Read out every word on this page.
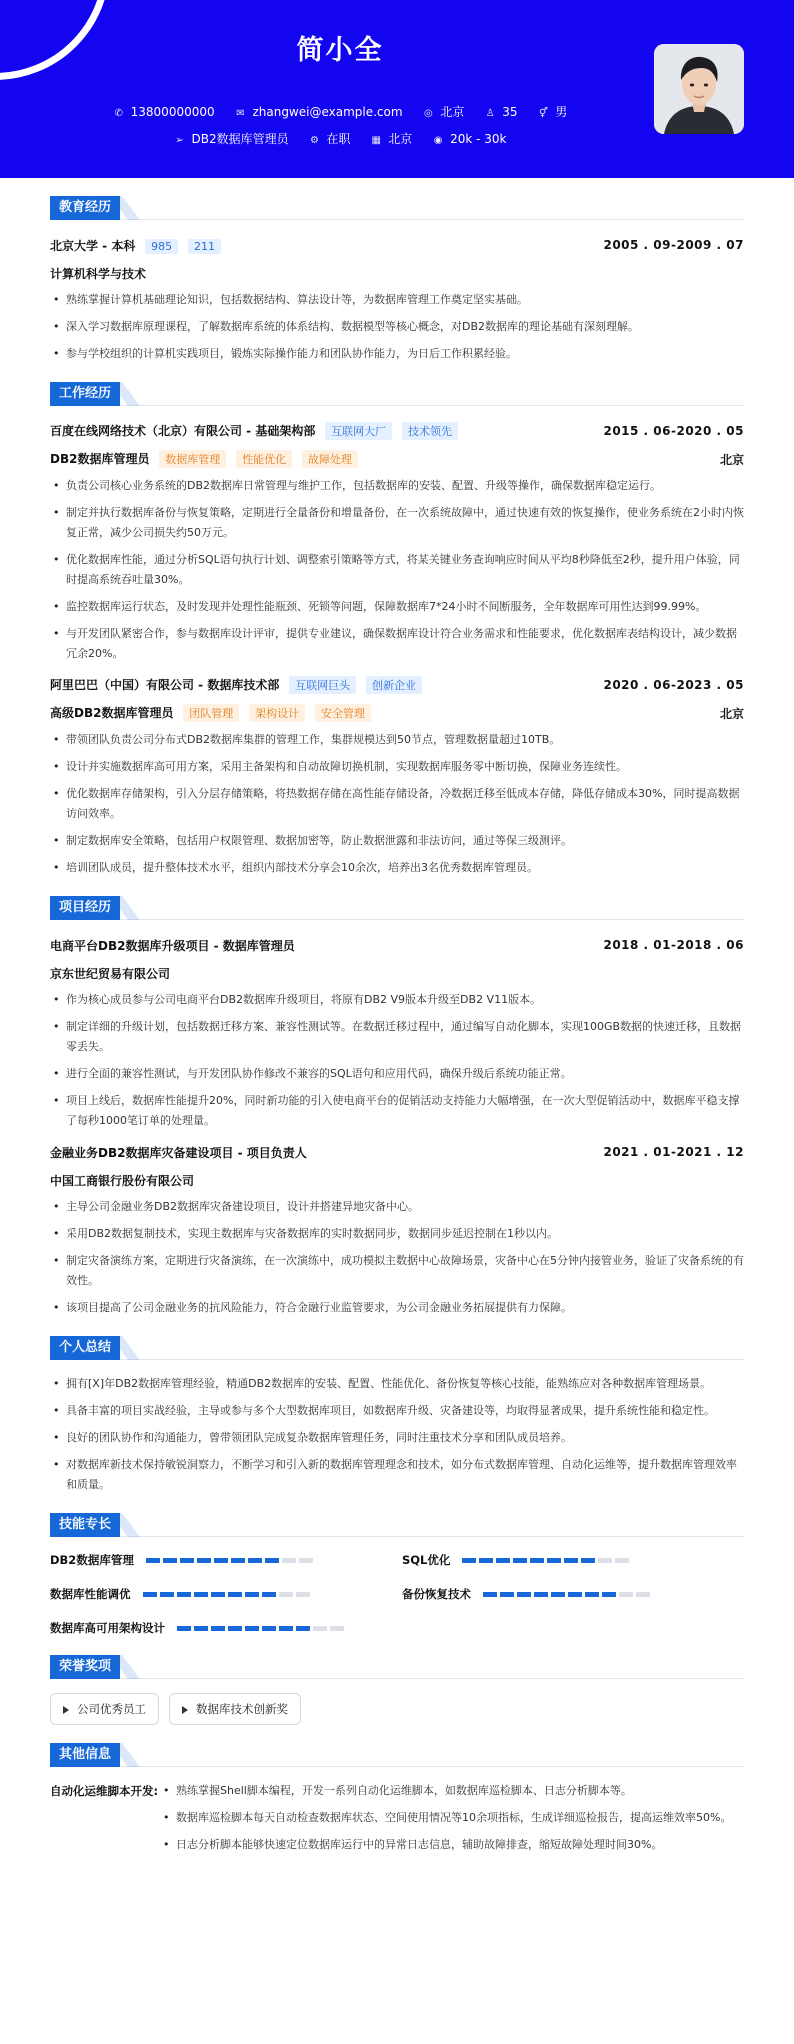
简小全
✆ 13800000000 ✉ zhangwei@example.com ◎ 北京 ♙ 35 ⚥ 男
➢ DB2数据库管理员 ⚙ 在职 ▦ 北京 ◉ 20k - 30k
教育经历
北京大学 - 本科 985 211	2005 . 09-2009 . 07
计算机科学与技术
• 熟练掌握计算机基础理论知识，包括数据结构、算法设计等，为数据库管理工作奠定坚实基础。
• 深入学习数据库原理课程，了解数据库系统的体系结构、数据模型等核心概念，对DB2数据库的理论基础有深刻理解。
• 参与学校组织的计算机实践项目，锻炼实际操作能力和团队协作能力，为日后工作积累经验。
工作经历
百度在线网络技术（北京）有限公司 - 基础架构部 互联网大厂 技术领先	2015 . 06-2020 . 05
DB2数据库管理员 数据库管理 性能优化 故障处理	北京
• 负责公司核心业务系统的DB2数据库日常管理与维护工作，包括数据库的安装、配置、升级等操作，确保数据库稳定运行。
• 制定并执行数据库备份与恢复策略，定期进行全量备份和增量备份，在一次系统故障中，通过快速有效的恢复操作，使业务系统在2小时内恢复正常，减少公司损失约50万元。
• 优化数据库性能，通过分析SQL语句执行计划、调整索引策略等方式，将某关键业务查询响应时间从平均8秒降低至2秒，提升用户体验，同时提高系统吞吐量30%。
• 监控数据库运行状态，及时发现并处理性能瓶颈、死锁等问题，保障数据库7*24小时不间断服务，全年数据库可用性达到99.99%。
• 与开发团队紧密合作，参与数据库设计评审，提供专业建议，确保数据库设计符合业务需求和性能要求，优化数据库表结构设计，减少数据冗余20%。
阿里巴巴（中国）有限公司 - 数据库技术部 互联网巨头 创新企业	2020 . 06-2023 . 05
高级DB2数据库管理员 团队管理 架构设计 安全管理	北京
• 带领团队负责公司分布式DB2数据库集群的管理工作，集群规模达到50节点，管理数据量超过10TB。
• 设计并实施数据库高可用方案，采用主备架构和自动故障切换机制，实现数据库服务零中断切换，保障业务连续性。
• 优化数据库存储架构，引入分层存储策略，将热数据存储在高性能存储设备，冷数据迁移至低成本存储，降低存储成本30%，同时提高数据访问效率。
• 制定数据库安全策略，包括用户权限管理、数据加密等，防止数据泄露和非法访问，通过等保三级测评。
• 培训团队成员，提升整体技术水平，组织内部技术分享会10余次，培养出3名优秀数据库管理员。
项目经历
电商平台DB2数据库升级项目 - 数据库管理员	2018 . 01-2018 . 06
京东世纪贸易有限公司
• 作为核心成员参与公司电商平台DB2数据库升级项目，将原有DB2 V9版本升级至DB2 V11版本。
• 制定详细的升级计划，包括数据迁移方案、兼容性测试等。在数据迁移过程中，通过编写自动化脚本，实现100GB数据的快速迁移，且数据零丢失。
• 进行全面的兼容性测试，与开发团队协作修改不兼容的SQL语句和应用代码，确保升级后系统功能正常。
• 项目上线后，数据库性能提升20%，同时新功能的引入使电商平台的促销活动支持能力大幅增强，在一次大型促销活动中，数据库平稳支撑了每秒1000笔订单的处理量。
金融业务DB2数据库灾备建设项目 - 项目负责人	2021 . 01-2021 . 12
中国工商银行股份有限公司
• 主导公司金融业务DB2数据库灾备建设项目，设计并搭建异地灾备中心。
• 采用DB2数据复制技术，实现主数据库与灾备数据库的实时数据同步，数据同步延迟控制在1秒以内。
• 制定灾备演练方案，定期进行灾备演练，在一次演练中，成功模拟主数据中心故障场景，灾备中心在5分钟内接管业务，验证了灾备系统的有效性。
• 该项目提高了公司金融业务的抗风险能力，符合金融行业监管要求，为公司金融业务拓展提供有力保障。
个人总结
• 拥有[X]年DB2数据库管理经验，精通DB2数据库的安装、配置、性能优化、备份恢复等核心技能，能熟练应对各种数据库管理场景。
• 具备丰富的项目实战经验，主导或参与多个大型数据库项目，如数据库升级、灾备建设等，均取得显著成果，提升系统性能和稳定性。
• 良好的团队协作和沟通能力，曾带领团队完成复杂数据库管理任务，同时注重技术分享和团队成员培养。
• 对数据库新技术保持敏锐洞察力，不断学习和引入新的数据库管理理念和技术，如分布式数据库管理、自动化运维等，提升数据库管理效率和质量。
技能专长
DB2数据库管理	SQL优化
数据库性能调优	备份恢复技术
数据库高可用架构设计
荣誉奖项
公司优秀员工	数据库技术创新奖
其他信息
自动化运维脚本开发:
•	熟练掌握Shell脚本编程，开发一系列自动化运维脚本，如数据库巡检脚本、日志分析脚本等。
• 数据库巡检脚本每天自动检查数据库状态、空间使用情况等10余项指标，生成详细巡检报告，提高运维效率50%。
• 日志分析脚本能够快速定位数据库运行中的异常日志信息，辅助故障排查，缩短故障处理时间30%。
